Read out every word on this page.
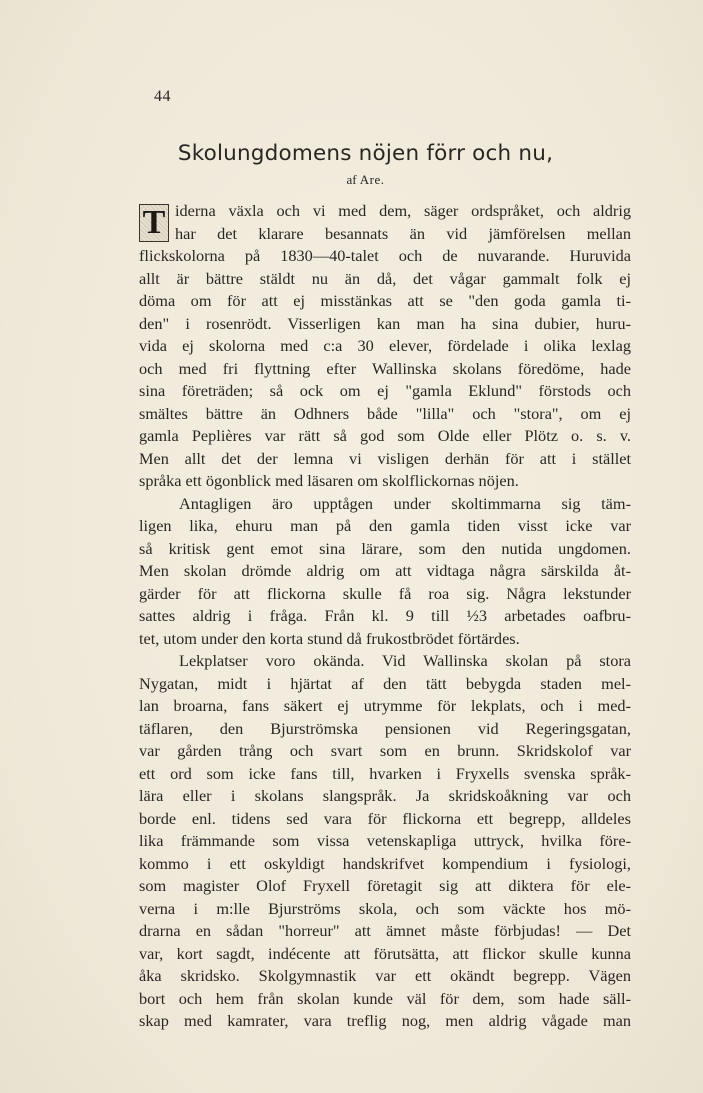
44
Skolungdomens nöjen förr och nu,
af Are.
T iderna växla och vi med dem, säger ordspråket, och aldrig
har det klarare besannats än vid jämförelsen mellan
flickskolorna på 1830—40-talet och de nuvarande. Huruvida
allt är bättre stäldt nu än då, det vågar gammalt folk ej
döma om för att ej misstänkas att se "den goda gamla ti-
den" i rosenrödt. Visserligen kan man ha sina dubier, huru-
vida ej skolorna med c:a 30 elever, fördelade i olika lexlag
och med fri flyttning efter Wallinska skolans föredöme, hade
sina företräden; så ock om ej "gamla Eklund" förstods och
smältes bättre än Odhners både "lilla" och "stora", om ej
gamla Peplières var rätt så god som Olde eller Plötz o. s. v.
Men allt det der lemna vi visligen derhän för att i stället
språka ett ögonblick med läsaren om skolflickornas nöjen.
Antagligen äro upptågen under skoltimmarna sig täm-
ligen lika, ehuru man på den gamla tiden visst icke var
så kritisk gent emot sina lärare, som den nutida ungdomen.
Men skolan drömde aldrig om att vidtaga några särskilda åt-
gärder för att flickorna skulle få roa sig. Några lekstunder
sattes aldrig i fråga. Från kl. 9 till ½3 arbetades oafbru-
tet, utom under den korta stund då frukostbrödet förtärdes.
Lekplatser voro okända. Vid Wallinska skolan på stora
Nygatan, midt i hjärtat af den tätt bebygda staden mel-
lan broarna, fans säkert ej utrymme för lekplats, och i med-
täflaren, den Bjurströmska pensionen vid Regeringsgatan,
var gården trång och svart som en brunn. Skridskolof var
ett ord som icke fans till, hvarken i Fryxells svenska språk-
lära eller i skolans slangspråk. Ja skridskoåkning var och
borde enl. tidens sed vara för flickorna ett begrepp, alldeles
lika främmande som vissa vetenskapliga uttryck, hvilka före-
kommo i ett oskyldigt handskrifvet kompendium i fysiologi,
som magister Olof Fryxell företagit sig att diktera för ele-
verna i m:lle Bjurströms skola, och som väckte hos mö-
drarna en sådan "horreur" att ämnet måste förbjudas! — Det
var, kort sagdt, indécente att förutsätta, att flickor skulle kunna
åka skridsko. Skolgymnastik var ett okändt begrepp. Vägen
bort och hem från skolan kunde väl för dem, som hade säll-
skap med kamrater, vara treflig nog, men aldrig vågade man
